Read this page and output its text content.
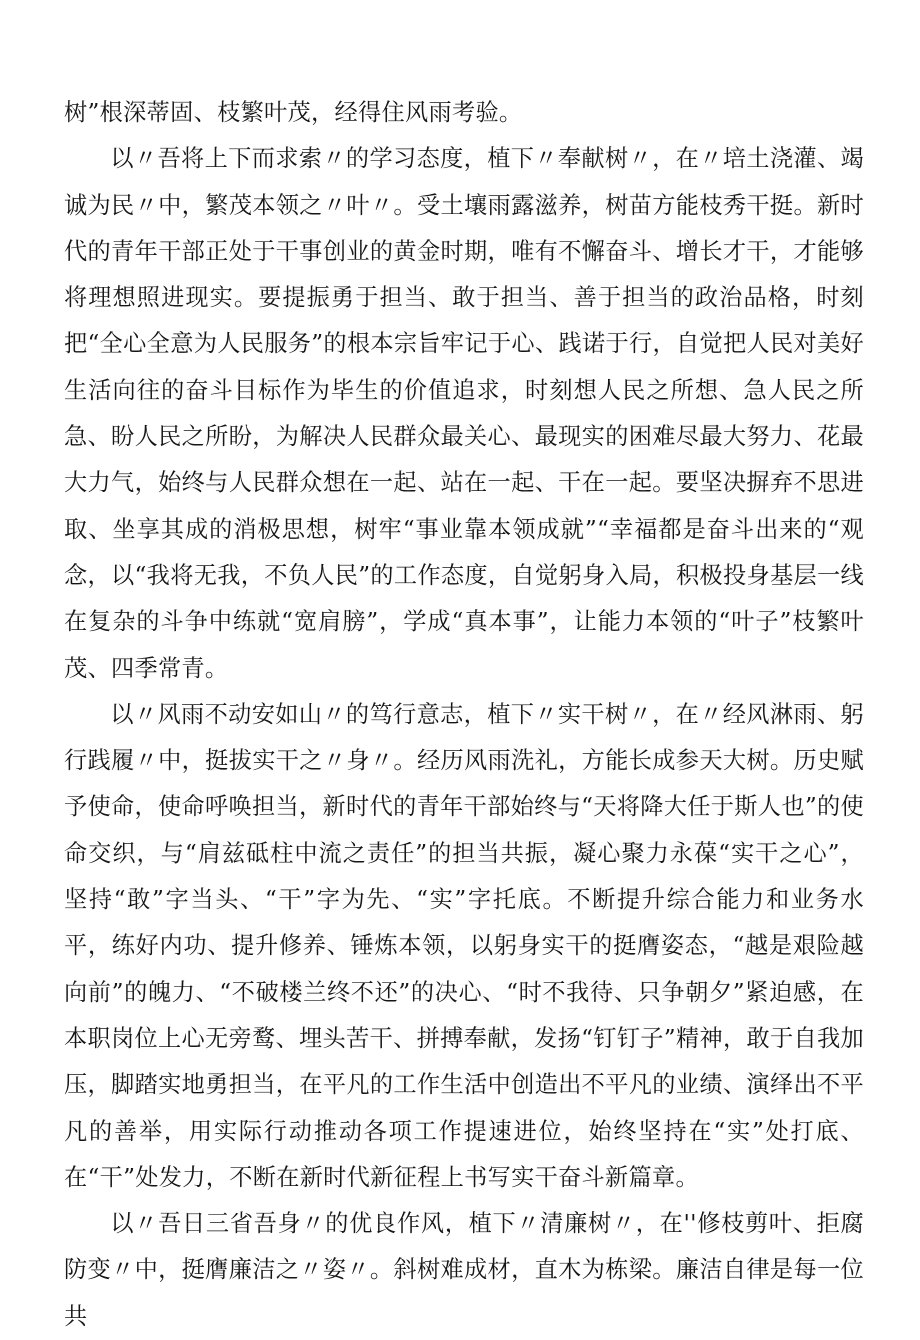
树”根深蒂固、枝繁叶茂，经得住风雨考验。

以〃吾将上下而求索〃的学习态度，植下〃奉献树〃，在〃培土浇灌、竭诚为民〃中，繁茂本领之〃叶〃。受土壤雨露滋养，树苗方能枝秀干挺。新时代的青年干部正处于干事创业的黄金时期，唯有不懈奋斗、增长才干，才能够将理想照进现实。要提振勇于担当、敢于担当、善于担当的政治品格，时刻把“全心全意为人民服务”的根本宗旨牢记于心、践诺于行，自觉把人民对美好生活向往的奋斗目标作为毕生的价值追求，时刻想人民之所想、急人民之所急、盼人民之所盼，为解决人民群众最关心、最现实的困难尽最大努力、花最大力气，始终与人民群众想在一起、站在一起、干在一起。要坚决摒弃不思进取、坐享其成的消极思想，树牢“事业靠本领成就”“幸福都是奋斗出来的“观念，以“我将无我，不负人民”的工作态度，自觉躬身入局，积极投身基层一线在复杂的斗争中练就“宽肩膀”，学成“真本事”，让能力本领的“叶子”枝繁叶茂、四季常青。

以〃风雨不动安如山〃的笃行意志，植下〃实干树〃，在〃经风淋雨、躬行践履〃中，挺拔实干之〃身〃。经历风雨洗礼，方能长成参天大树。历史赋予使命，使命呼唤担当，新时代的青年干部始终与“天将降大任于斯人也”的使命交织，与“肩兹砥柱中流之责任”的担当共振，凝心聚力永葆“实干之心”，坚持“敢”字当头、“干”字为先、“实”字托底。不断提升综合能力和业务水平，练好内功、提升修养、锤炼本领，以躬身实干的挺膺姿态，“越是艰险越向前”的魄力、“不破楼兰终不还”的决心、“时不我待、只争朝夕”紧迫感，在本职岗位上心无旁鹜、埋头苦干、拼搏奉献，发扬“钉钉子”精神，敢于自我加压，脚踏实地勇担当，在平凡的工作生活中创造出不平凡的业绩、演绎出不平凡的善举，用实际行动推动各项工作提速进位，始终坚持在“实”处打底、在“干”处发力，不断在新时代新征程上书写实干奋斗新篇章。

以〃吾日三省吾身〃的优良作风，植下〃清廉树〃，在''修枝剪叶、拒腐防变〃中，挺膺廉洁之〃姿〃。斜树难成材，直木为栋梁。廉洁自律是每一位共
